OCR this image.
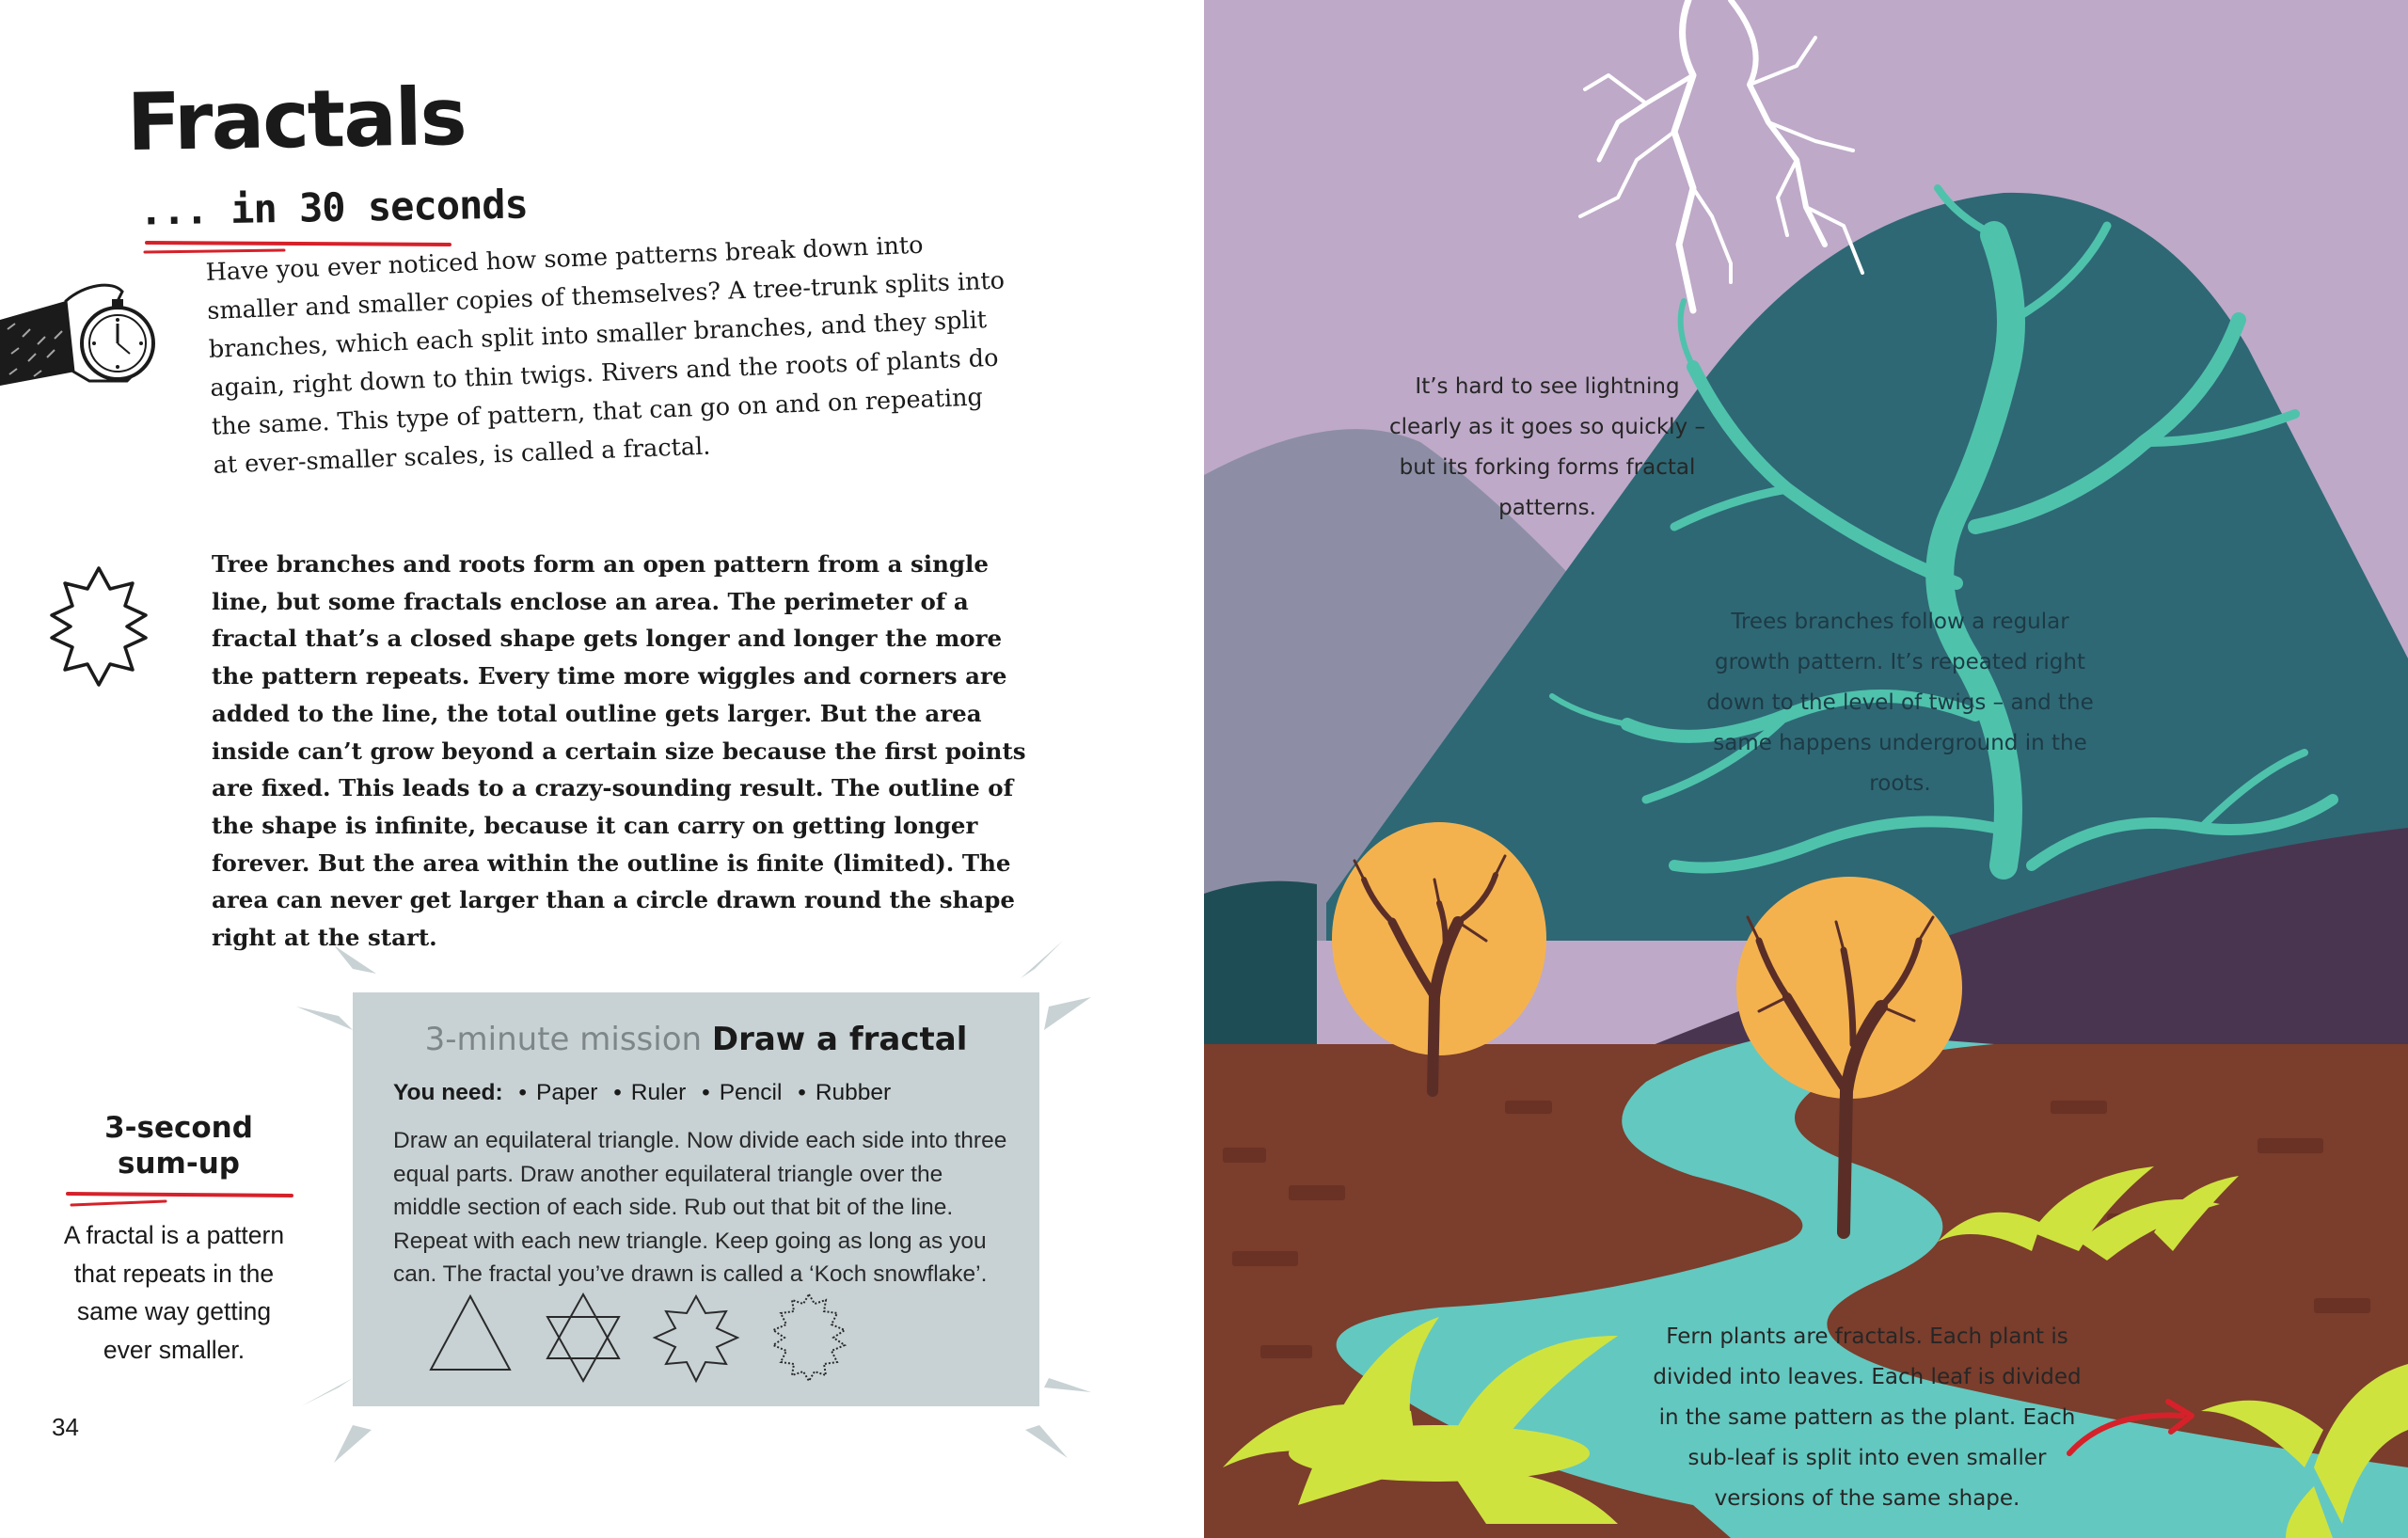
Fractals
... in 30 seconds

Have you ever noticed how some patterns break down into smaller and smaller copies of themselves? A tree-trunk splits into branches, which each split into smaller branches, and they split again, right down to thin twigs. Rivers and the roots of plants do the same. This type of pattern, that can go on and on repeating at ever-smaller scales, is called a fractal.

Tree branches and roots form an open pattern from a single line, but some fractals enclose an area. The perimeter of a fractal that’s a closed shape gets longer and longer the more the pattern repeats. Every time more wiggles and corners are added to the line, the total outline gets larger. But the area inside can’t grow beyond a certain size because the first points are fixed. This leads to a crazy-sounding result. The outline of the shape is infinite, because it can carry on getting longer forever. But the area within the outline is finite (limited). The area can never get larger than a circle drawn round the shape right at the start.

3-second
sum-up
A fractal is a pattern that repeats in the same way getting ever smaller.
34
3-minute mission Draw a fractal
You need: • Paper • Ruler • Pencil • Rubber

Draw an equilateral triangle. Now divide each side into three equal parts. Draw another equilateral triangle over the middle section of each side. Rub out that bit of the line. Repeat with each new triangle. Keep going as long as you can. The fractal you’ve drawn is called a ‘Koch snowflake’.

It’s hard to see lightning clearly as it goes so quickly – but its forking forms fractal patterns.
Trees branches follow a regular growth pattern. It’s repeated right down to the level of twigs – and the same happens underground in the roots.
Fern plants are fractals. Each plant is divided into leaves. Each leaf is divided in the same pattern as the plant. Each sub-leaf is split into even smaller versions of the same shape.
